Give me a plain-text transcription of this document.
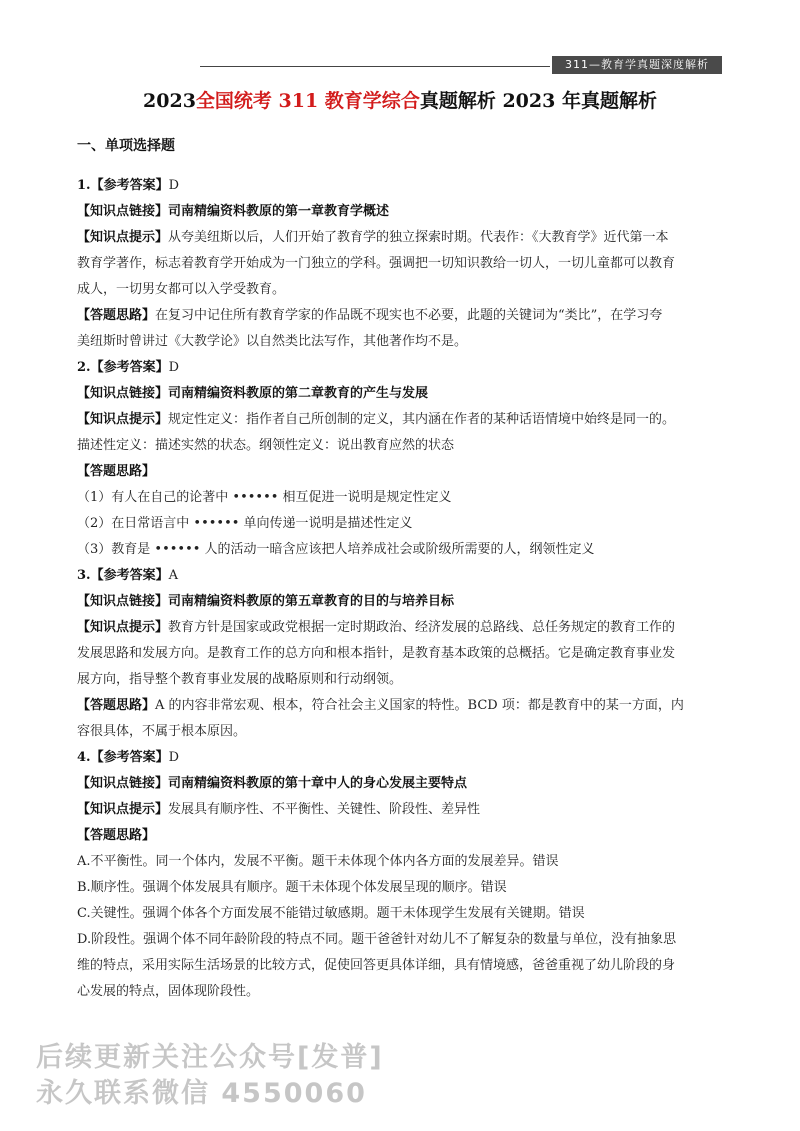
311—教育学真题深度解析
2023全国统考 311 教育学综合真题解析 2023 年真题解析
一、单项选择题
1.【参考答案】D
【知识点链接】司南精编资料教原的第一章教育学概述
【知识点提示】从夸美纽斯以后，人们开始了教育学的独立探索时期。代表作：《大教育学》近代第一本
教育学著作，标志着教育学开始成为一门独立的学科。强调把一切知识教给一切人，一切儿童都可以教育
成人，一切男女都可以入学受教育。
【答题思路】在复习中记住所有教育学家的作品既不现实也不必要，此题的关键词为“类比”，在学习夸
美纽斯时曾讲过《大教学论》以自然类比法写作，其他著作均不是。
2.【参考答案】D
【知识点链接】司南精编资料教原的第二章教育的产生与发展
【知识点提示】规定性定义：指作者自己所创制的定义，其内涵在作者的某种话语情境中始终是同一的。
描述性定义：描述实然的状态。纲领性定义：说出教育应然的状态
【答题思路】
（1）有人在自己的论著中 •••••• 相互促进一说明是规定性定义
（2）在日常语言中 •••••• 单向传递一说明是描述性定义
（3）教育是 •••••• 人的活动一暗含应该把人培养成社会或阶级所需要的人，纲领性定义
3.【参考答案】A
【知识点链接】司南精编资料教原的第五章教育的目的与培养目标
【知识点提示】教育方针是国家或政党根据一定时期政治、经济发展的总路线、总任务规定的教育工作的
发展思路和发展方向。是教育工作的总方向和根本指针，是教育基本政策的总概括。它是确定教育事业发
展方向，指导整个教育事业发展的战略原则和行动纲领。
【答题思路】A 的内容非常宏观、根本，符合社会主义国家的特性。BCD 项：都是教育中的某一方面，内
容很具体，不属于根本原因。
4.【参考答案】D
【知识点链接】司南精编资料教原的第十章中人的身心发展主要特点
【知识点提示】发展具有顺序性、不平衡性、关键性、阶段性、差异性
【答题思路】
A.不平衡性。同一个体内，发展不平衡。题干未体现个体内各方面的发展差异。错误
B.顺序性。强调个体发展具有顺序。题干未体现个体发展呈现的顺序。错误
C.关键性。强调个体各个方面发展不能错过敏感期。题干未体现学生发展有关键期。错误
D.阶段性。强调个体不同年龄阶段的特点不同。题干爸爸针对幼儿不了解复杂的数量与单位，没有抽象思
维的特点，采用实际生活场景的比较方式，促使回答更具体详细，具有情境感，爸爸重视了幼儿阶段的身
心发展的特点，固体现阶段性。
后续更新关注公众号[发普]
永久联系微信 4550060
